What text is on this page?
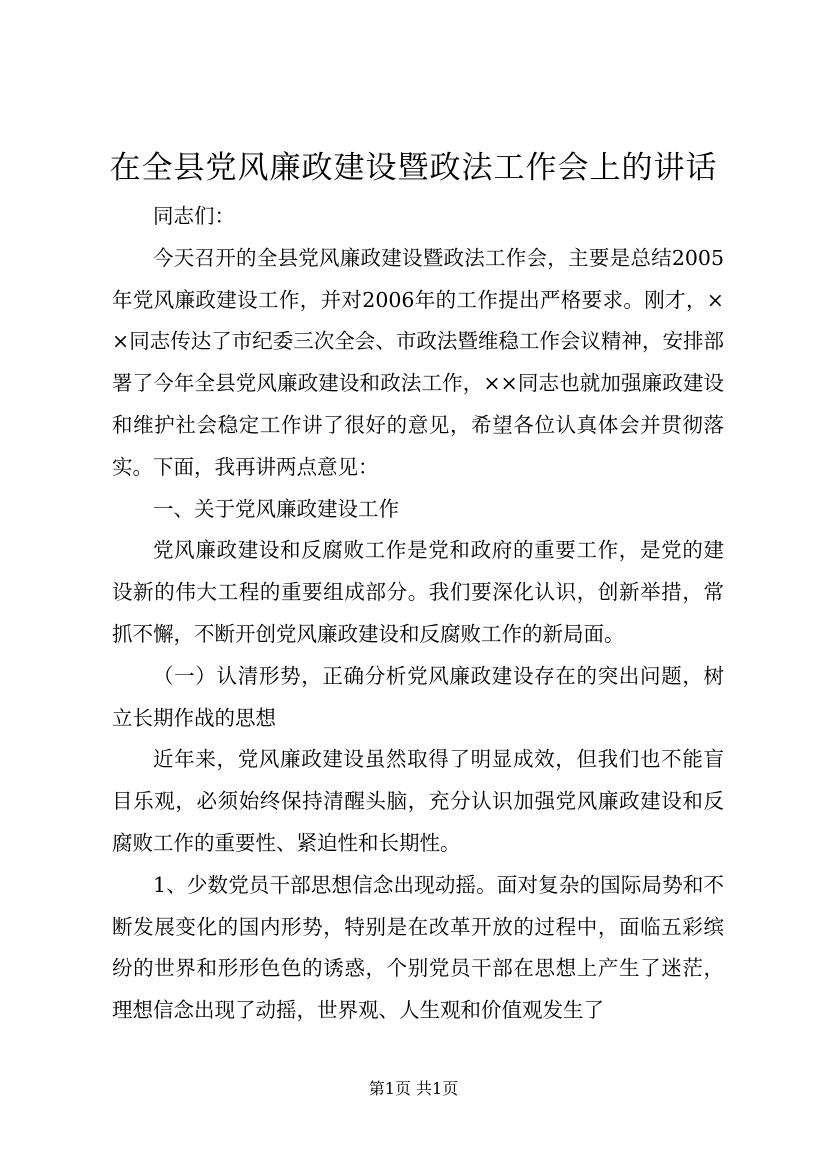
在全县党风廉政建设暨政法工作会上的讲话

同志们：

今天召开的全县党风廉政建设暨政法工作会，主要是总结2005年党风廉政建设工作，并对2006年的工作提出严格要求。刚才，××同志传达了市纪委三次全会、市政法暨维稳工作会议精神，安排部署了今年全县党风廉政建设和政法工作，××同志也就加强廉政建设和维护社会稳定工作讲了很好的意见，希望各位认真体会并贯彻落实。下面，我再讲两点意见：

一、关于党风廉政建设工作

党风廉政建设和反腐败工作是党和政府的重要工作，是党的建设新的伟大工程的重要组成部分。我们要深化认识，创新举措，常抓不懈，不断开创党风廉政建设和反腐败工作的新局面。

（一）认清形势，正确分析党风廉政建设存在的突出问题，树立长期作战的思想

近年来，党风廉政建设虽然取得了明显成效，但我们也不能盲目乐观，必须始终保持清醒头脑，充分认识加强党风廉政建设和反腐败工作的重要性、紧迫性和长期性。

1、少数党员干部思想信念出现动摇。面对复杂的国际局势和不断发展变化的国内形势，特别是在改革开放的过程中，面临五彩缤纷的世界和形形色色的诱惑，个别党员干部在思想上产生了迷茫，理想信念出现了动摇，世界观、人生观和价值观发生了

第1页 共1页
